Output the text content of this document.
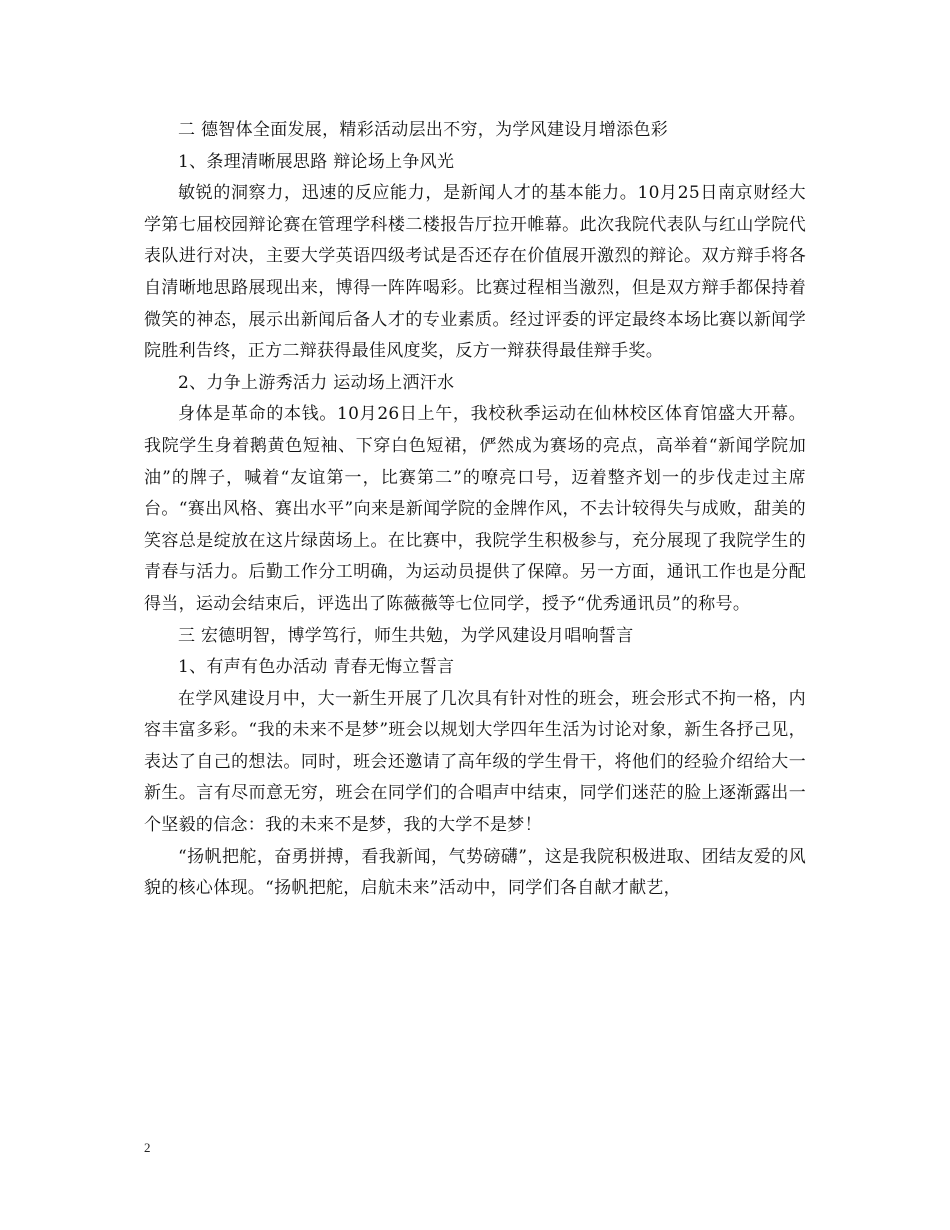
二 德智体全面发展，精彩活动层出不穷，为学风建设月增添色彩

1、条理清晰展思路 辩论场上争风光

敏锐的洞察力，迅速的反应能力，是新闻人才的基本能力。10月25日南京财经大学第七届校园辩论赛在管理学科楼二楼报告厅拉开帷幕。此次我院代表队与红山学院代表队进行对决，主要大学英语四级考试是否还存在价值展开激烈的辩论。双方辩手将各自清晰地思路展现出来，博得一阵阵喝彩。比赛过程相当激烈，但是双方辩手都保持着微笑的神态，展示出新闻后备人才的专业素质。经过评委的评定最终本场比赛以新闻学院胜利告终，正方二辩获得最佳风度奖，反方一辩获得最佳辩手奖。

2、力争上游秀活力 运动场上洒汗水

身体是革命的本钱。10月26日上午，我校秋季运动在仙林校区体育馆盛大开幕。我院学生身着鹅黄色短袖、下穿白色短裙，俨然成为赛场的亮点，高举着“新闻学院加油”的牌子，喊着“友谊第一，比赛第二”的嘹亮口号，迈着整齐划一的步伐走过主席台。“赛出风格、赛出水平”向来是新闻学院的金牌作风，不去计较得失与成败，甜美的笑容总是绽放在这片绿茵场上。在比赛中，我院学生积极参与，充分展现了我院学生的青春与活力。后勤工作分工明确，为运动员提供了保障。另一方面，通讯工作也是分配得当，运动会结束后，评选出了陈薇薇等七位同学，授予“优秀通讯员”的称号。

三 宏德明智，博学笃行，师生共勉，为学风建设月唱响誓言

1、有声有色办活动 青春无悔立誓言

在学风建设月中，大一新生开展了几次具有针对性的班会，班会形式不拘一格，内容丰富多彩。“我的未来不是梦”班会以规划大学四年生活为讨论对象，新生各抒己见，表达了自己的想法。同时，班会还邀请了高年级的学生骨干，将他们的经验介绍给大一新生。言有尽而意无穷，班会在同学们的合唱声中结束，同学们迷茫的脸上逐渐露出一个坚毅的信念：我的未来不是梦，我的大学不是梦！

“扬帆把舵，奋勇拼搏，看我新闻，气势磅礴”，这是我院积极进取、团结友爱的风貌的核心体现。“扬帆把舵，启航未来”活动中，同学们各自献才献艺，

2
